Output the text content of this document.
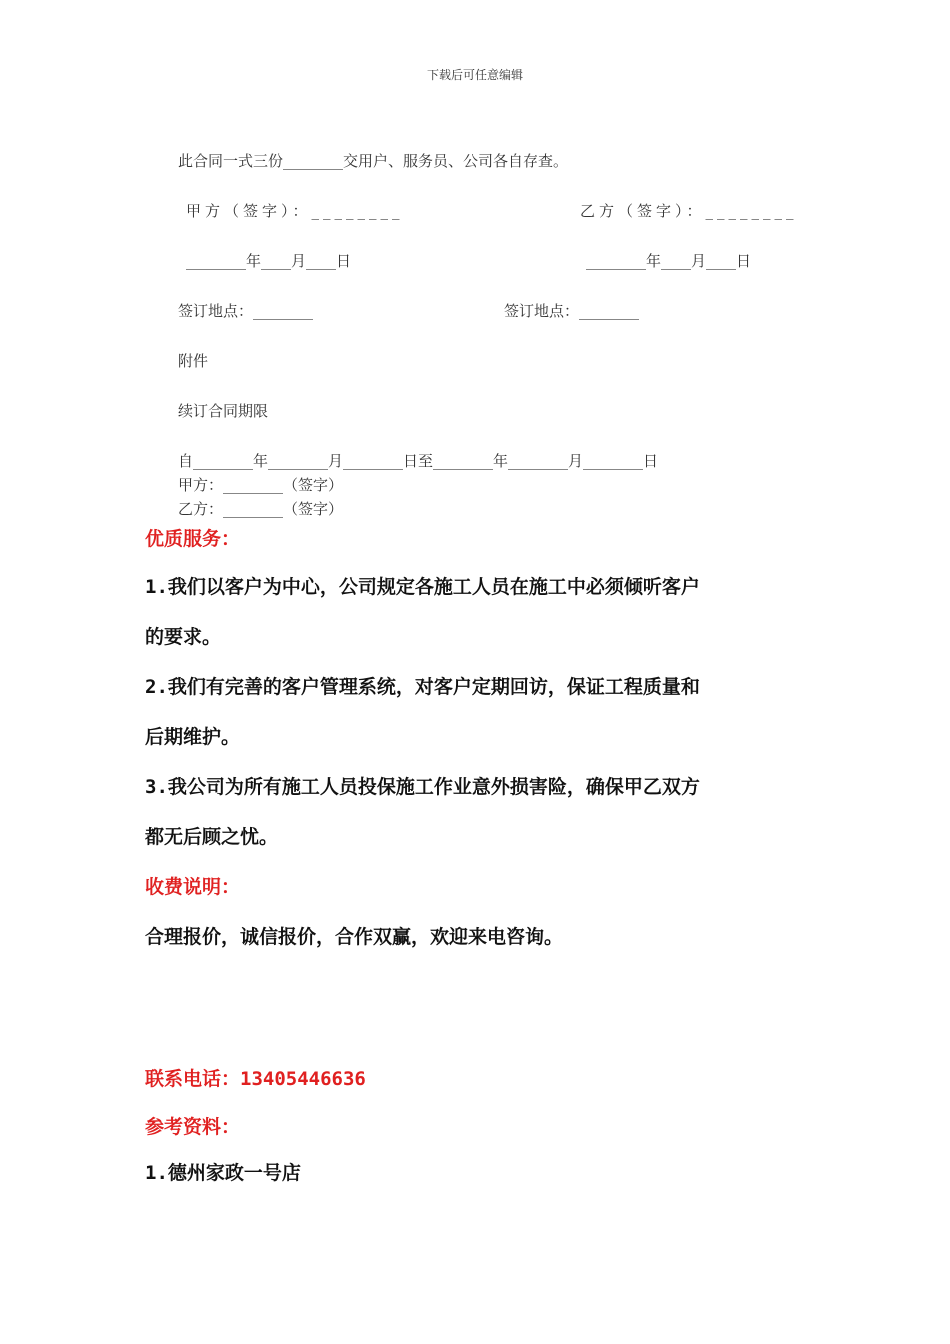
下载后可任意编辑
此合同一式三份________交用户、服务员、公司各自存查。
甲方（签字）：________	乙方（签字）：________
________年____月____日	________年____月____日
签订地点：________	签订地点：________
附件
续订合同期限
自________年________月________日至________年________月________日
甲方：________（签字）
乙方：________（签字）
优质服务：
1.我们以客户为中心，公司规定各施工人员在施工中必须倾听客户
的要求。
2.我们有完善的客户管理系统，对客户定期回访，保证工程质量和
后期维护。
3.我公司为所有施工人员投保施工作业意外损害险，确保甲乙双方
都无后顾之忧。
收费说明：
合理报价，诚信报价，合作双赢，欢迎来电咨询。
联系电话：13405446636
参考资料：
1.德州家政一号店
